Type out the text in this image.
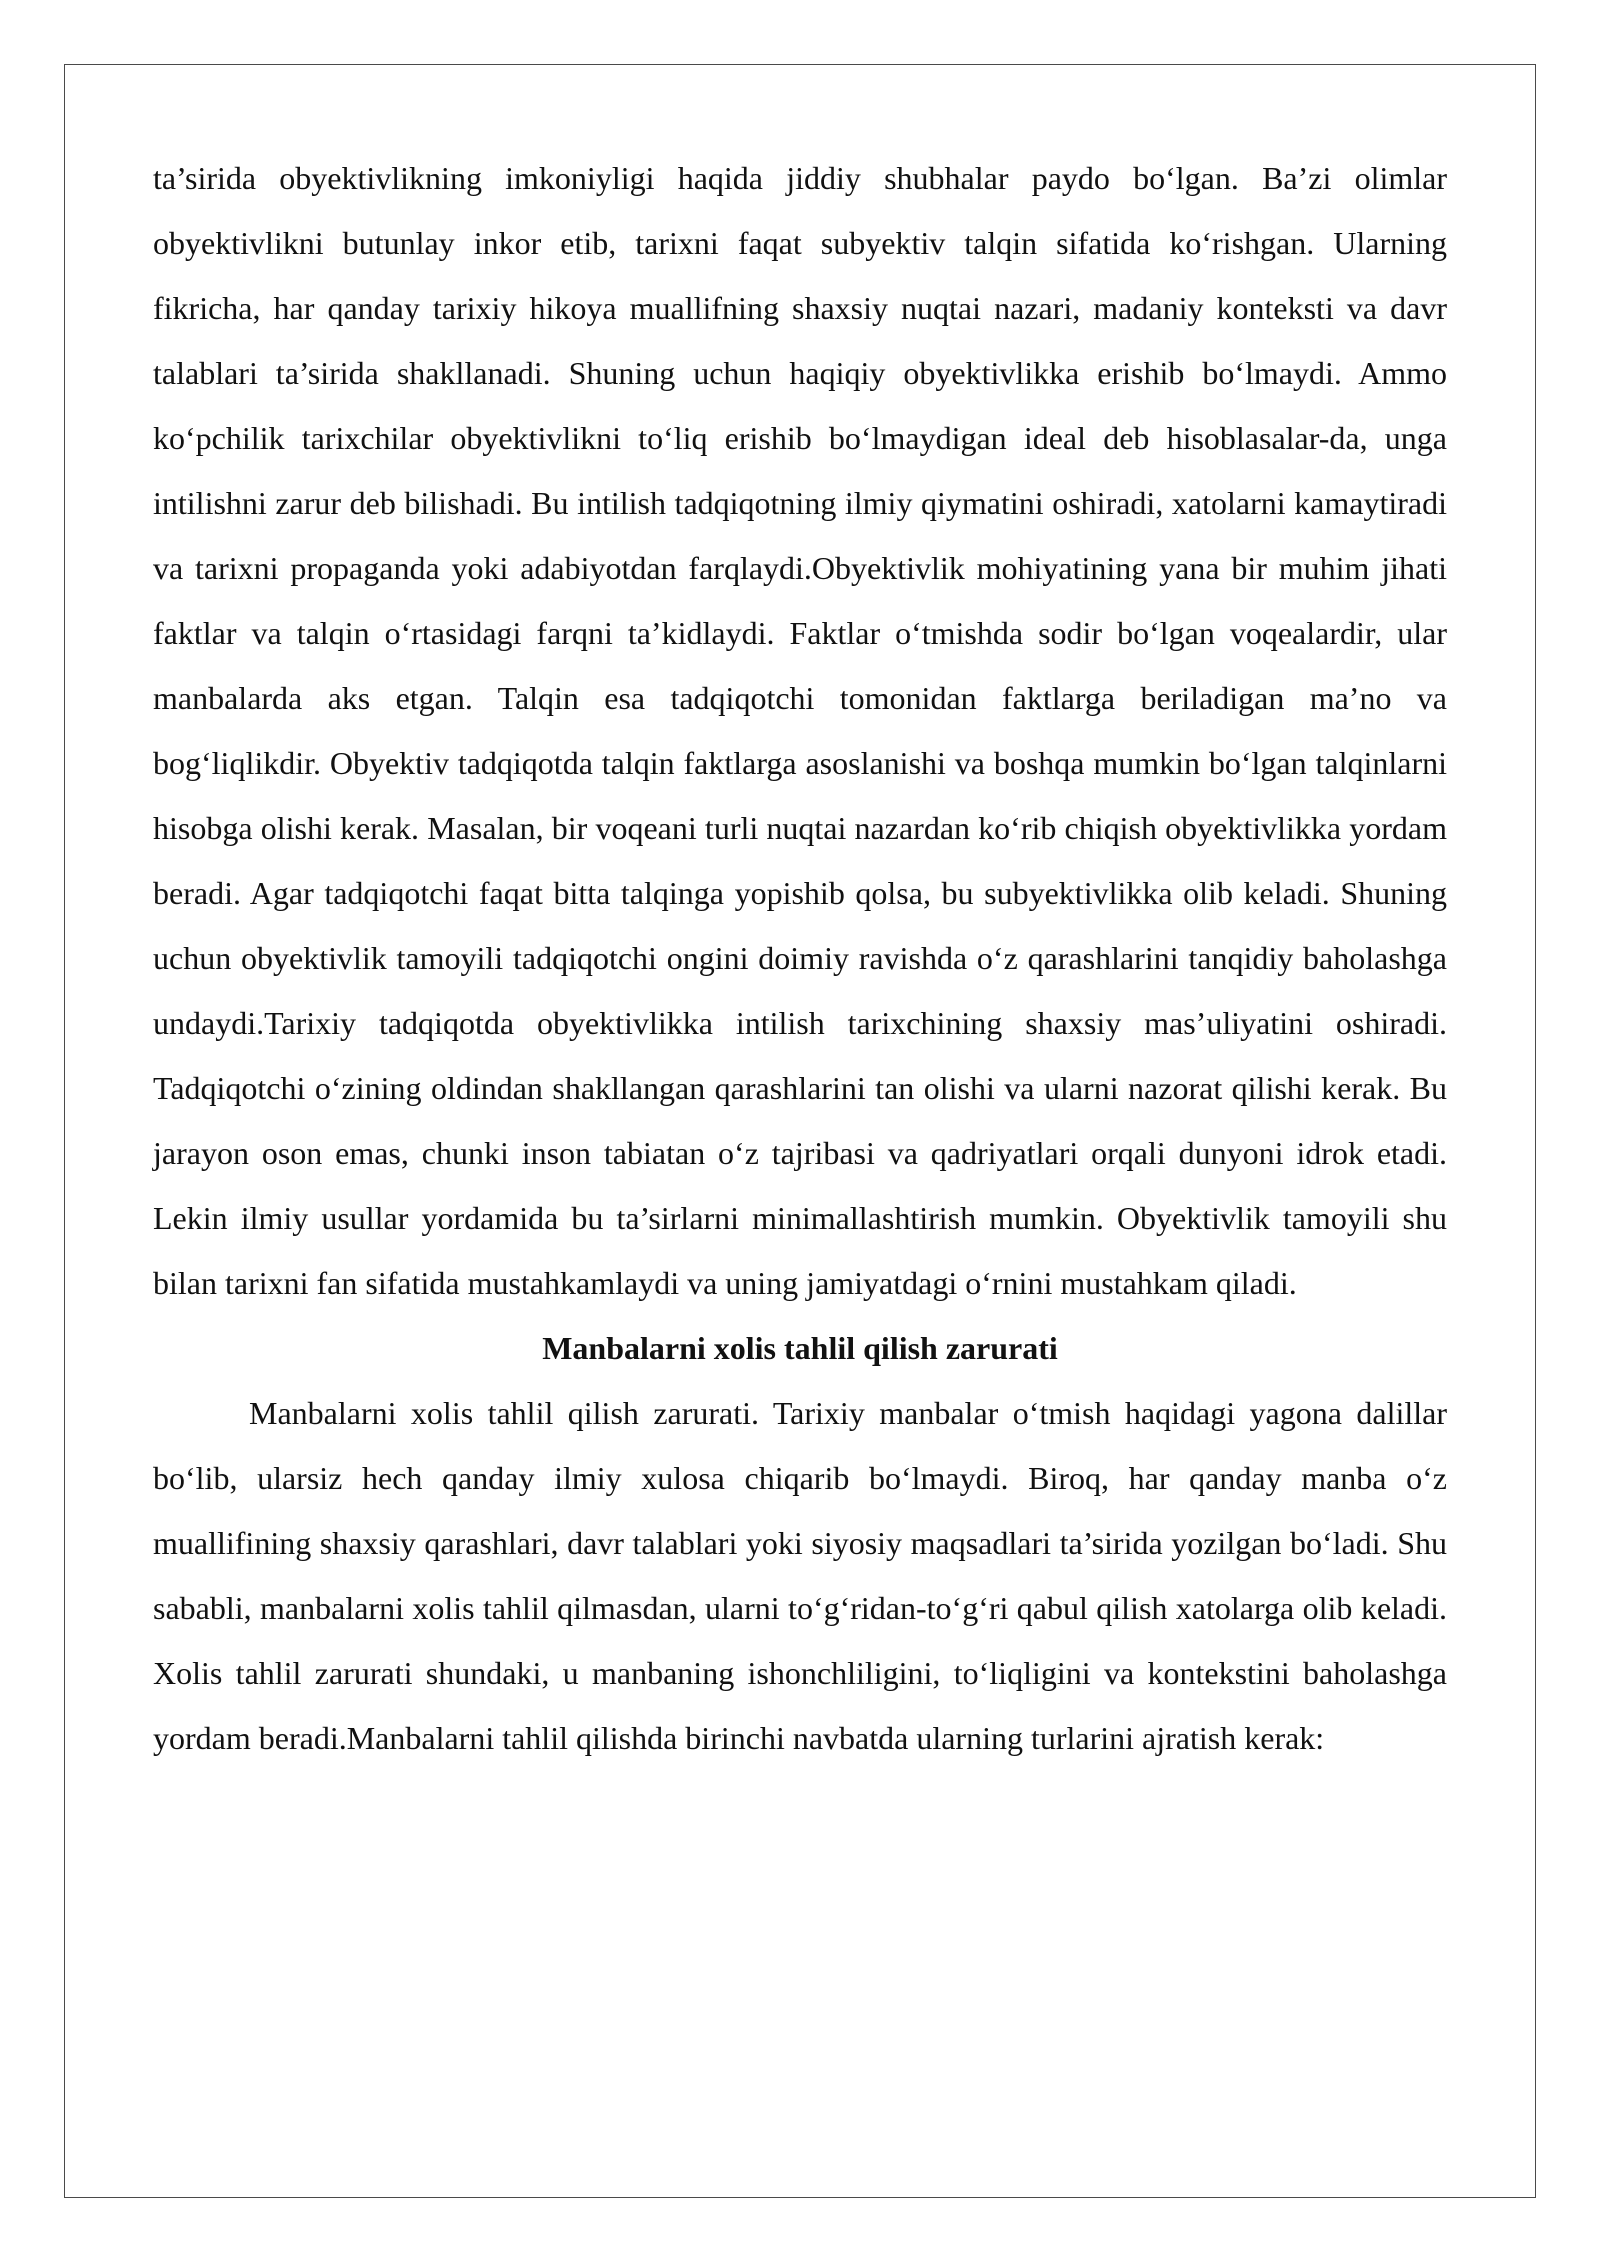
ta’sirida obyektivlikning imkoniyligi haqida jiddiy shubhalar paydo bo‘lgan. Ba’zi olimlar obyektivlikni butunlay inkor etib, tarixni faqat subyektiv talqin sifatida ko‘rishgan. Ularning fikricha, har qanday tarixiy hikoya muallifning shaxsiy nuqtai nazari, madaniy konteksti va davr talablari ta’sirida shakllanadi. Shuning uchun haqiqiy obyektivlikka erishib bo‘lmaydi. Ammo ko‘pchilik tarixchilar obyektivlikni to‘liq erishib bo‘lmaydigan ideal deb hisoblasalar-da, unga intilishni zarur deb bilishadi. Bu intilish tadqiqotning ilmiy qiymatini oshiradi, xatolarni kamaytiradi va tarixni propaganda yoki adabiyotdan farqlaydi.Obyektivlik mohiyatining yana bir muhim jihati faktlar va talqin o‘rtasidagi farqni ta’kidlaydi. Faktlar o‘tmishda sodir bo‘lgan voqealardir, ular manbalarda aks etgan. Talqin esa tadqiqotchi tomonidan faktlarga beriladigan ma’no va bog‘liqlikdir. Obyektiv tadqiqotda talqin faktlarga asoslanishi va boshqa mumkin bo‘lgan talqinlarni hisobga olishi kerak. Masalan, bir voqeani turli nuqtai nazardan ko‘rib chiqish obyektivlikka yordam beradi. Agar tadqiqotchi faqat bitta talqinga yopishib qolsa, bu subyektivlikka olib keladi. Shuning uchun obyektivlik tamoyili tadqiqotchi ongini doimiy ravishda o‘z qarashlarini tanqidiy baholashga undaydi.Tarixiy tadqiqotda obyektivlikka intilish tarixchining shaxsiy mas’uliyatini oshiradi. Tadqiqotchi o‘zining oldindan shakllangan qarashlarini tan olishi va ularni nazorat qilishi kerak. Bu jarayon oson emas, chunki inson tabiatan o‘z tajribasi va qadriyatlari orqali dunyoni idrok etadi. Lekin ilmiy usullar yordamida bu ta’sirlarni minimallashtirish mumkin. Obyektivlik tamoyili shu bilan tarixni fan sifatida mustahkamlaydi va uning jamiyatdagi o‘rnini mustahkam qiladi.

Manbalarni xolis tahlil qilish zarurati

Manbalarni xolis tahlil qilish zarurati. Tarixiy manbalar o‘tmish haqidagi yagona dalillar bo‘lib, ularsiz hech qanday ilmiy xulosa chiqarib bo‘lmaydi. Biroq, har qanday manba o‘z muallifining shaxsiy qarashlari, davr talablari yoki siyosiy maqsadlari ta’sirida yozilgan bo‘ladi. Shu sababli, manbalarni xolis tahlil qilmasdan, ularni to‘g‘ridan-to‘g‘ri qabul qilish xatolarga olib keladi. Xolis tahlil zarurati shundaki, u manbaning ishonchliligini, to‘liqligini va kontekstini baholashga yordam beradi.Manbalarni tahlil qilishda birinchi navbatda ularning turlarini ajratish kerak:
